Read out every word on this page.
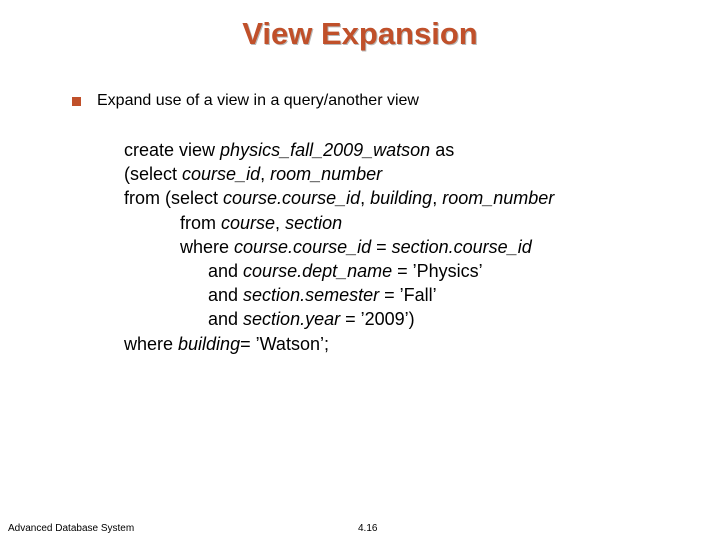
View Expansion
Expand use of a view in a query/another view
create view physics_fall_2009_watson as
(select course_id, room_number
from (select course.course_id, building, room_number
from course, section
where course.course_id = section.course_id
and course.dept_name = ’Physics’
and section.semester = ’Fall’
and section.year = ’2009’)
where building= ’Watson’;
Advanced Database System	4.16
